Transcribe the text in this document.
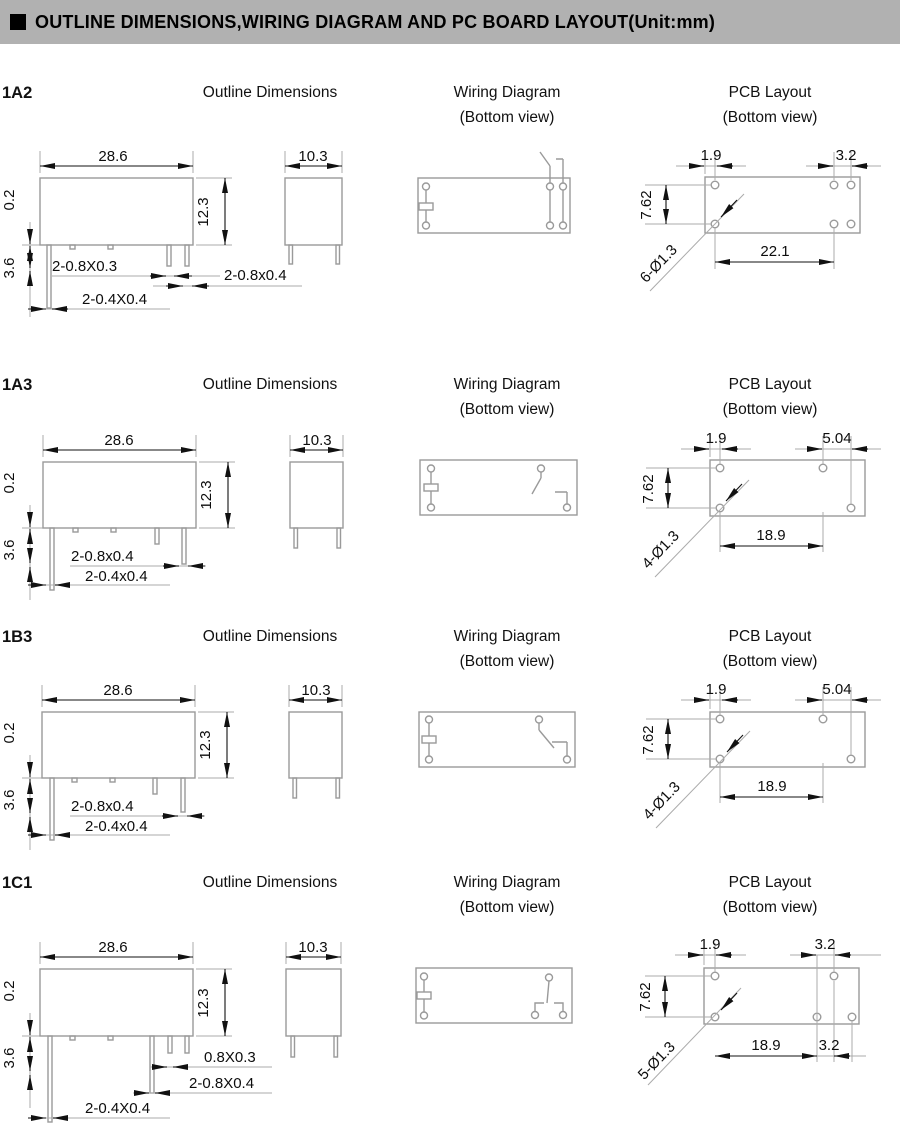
OUTLINE DIMENSIONS,WIRING DIAGRAM AND PC BOARD LAYOUT(Unit:mm)
1A2
1A3
1B3
1C1
Outline Dimensions	Wiring Diagram
(Bottom view)
PCB Layout
(Bottom view)
Outline Dimensions	Wiring Diagram
(Bottom view)
PCB Layout
(Bottom view)
Outline Dimensions	Wiring Diagram
(Bottom view)
PCB Layout
(Bottom view)
Outline Dimensions	Wiring Diagram
(Bottom view)
PCB Layout
(Bottom view)
28.6
12.3
0.2
3.6 2-0.8X0.3
2-0.4X0.4
10.3
2-0.8x0.4
1.9	3.2
7.62
22.1
6-Ø1.3
28.6
12.3
0.2
3.6	2-0.8x0.4
2-0.4x0.4
10.3	1.9	5.04
7.62
18.9
4-Ø1.3
28.6
12.3
0.2
3.6	2-0.8x0.4
2-0.4x0.4
10.3	1.9	5.04
7.62
18.9
4-Ø1.3
28.6
12.3
0.2
3.6	0.8X0.3
2-0.8X0.4
2-0.4X0.4
10.3	1.9	3.2
7.62
18.9	3.2
5-Ø1.3
